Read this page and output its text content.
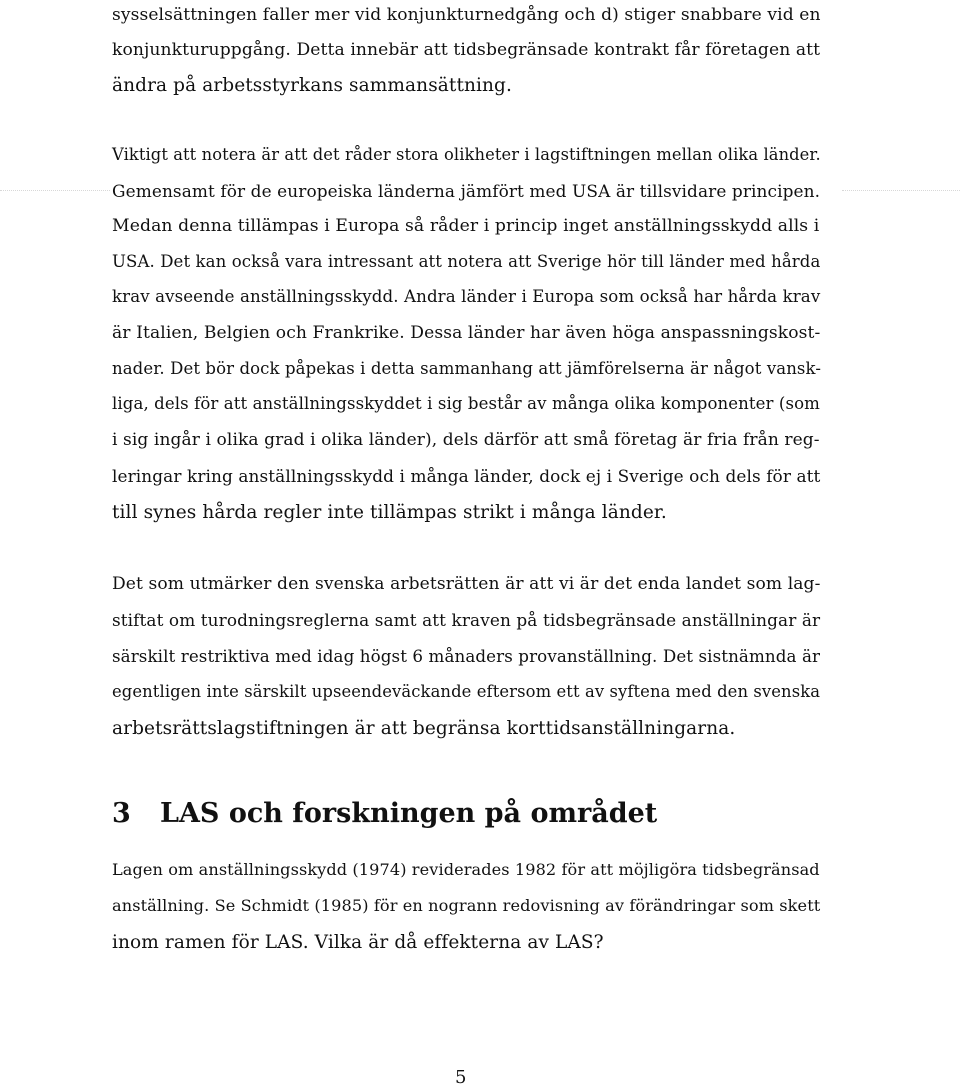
sysselsättningen faller mer vid konjunkturnedgång och d) stiger snabbare vid en
konjunkturuppgång. Detta innebär att tidsbegränsade kontrakt får företagen att
ändra på arbetsstyrkans sammansättning.
Viktigt att notera är att det råder stora olikheter i lagstiftningen mellan olika länder.
Gemensamt för de europeiska länderna jämfört med USA är tillsvidare principen.
Medan denna tillämpas i Europa så råder i princip inget anställningsskydd alls i
USA. Det kan också vara intressant att notera att Sverige hör till länder med hårda
krav avseende anställningsskydd. Andra länder i Europa som också har hårda krav
är Italien, Belgien och Frankrike. Dessa länder har även höga anspassningskost-
nader. Det bör dock påpekas i detta sammanhang att jämförelserna är något vansk-
liga, dels för att anställningsskyddet i sig består av många olika komponenter (som
i sig ingår i olika grad i olika länder), dels därför att små företag är fria från reg-
leringar kring anställningsskydd i många länder, dock ej i Sverige och dels för att
till synes hårda regler inte tillämpas strikt i många länder.
Det som utmärker den svenska arbetsrätten är att vi är det enda landet som lag-
stiftat om turodningsreglerna samt att kraven på tidsbegränsade anställningar är
särskilt restriktiva med idag högst 6 månaders provanställning. Det sistnämnda är
egentligen inte särskilt upseendeväckande eftersom ett av syftena med den svenska
arbetsrättslagstiftningen är att begränsa korttidsanställningarna.
3 LAS och forskningen på området
Lagen om anställningsskydd (1974) reviderades 1982 för att möjligöra tidsbegränsad
anställning. Se Schmidt (1985) för en nogrann redovisning av förändringar som skett
inom ramen för LAS. Vilka är då effekterna av LAS?
5
